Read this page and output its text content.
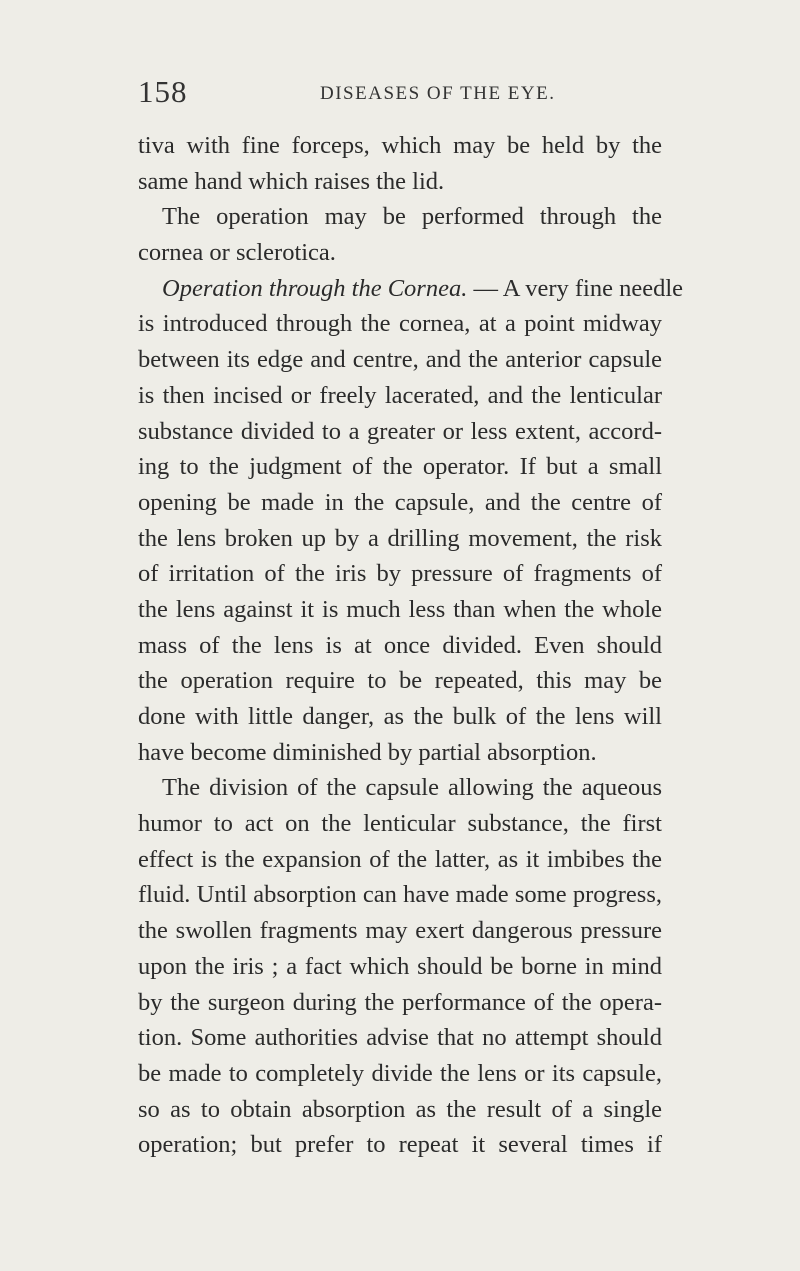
158	DISEASES OF THE EYE.
tiva with fine forceps, which may be held by the
same hand which raises the lid.
The operation may be performed through the
cornea or sclerotica.
Operation through the Cornea. — A very fine needle
is introduced through the cornea, at a point midway
between its edge and centre, and the anterior capsule
is then incised or freely lacerated, and the lenticular
substance divided to a greater or less extent, accord-
ing to the judgment of the operator. If but a small
opening be made in the capsule, and the centre of
the lens broken up by a drilling movement, the risk
of irritation of the iris by pressure of fragments of
the lens against it is much less than when the whole
mass of the lens is at once divided. Even should
the operation require to be repeated, this may be
done with little danger, as the bulk of the lens will
have become diminished by partial absorption.
The division of the capsule allowing the aqueous
humor to act on the lenticular substance, the first
effect is the expansion of the latter, as it imbibes the
fluid. Until absorption can have made some progress,
the swollen fragments may exert dangerous pressure
upon the iris ; a fact which should be borne in mind
by the surgeon during the performance of the opera-
tion. Some authorities advise that no attempt should
be made to completely divide the lens or its capsule,
so as to obtain absorption as the result of a single
operation; but prefer to repeat it several times if
